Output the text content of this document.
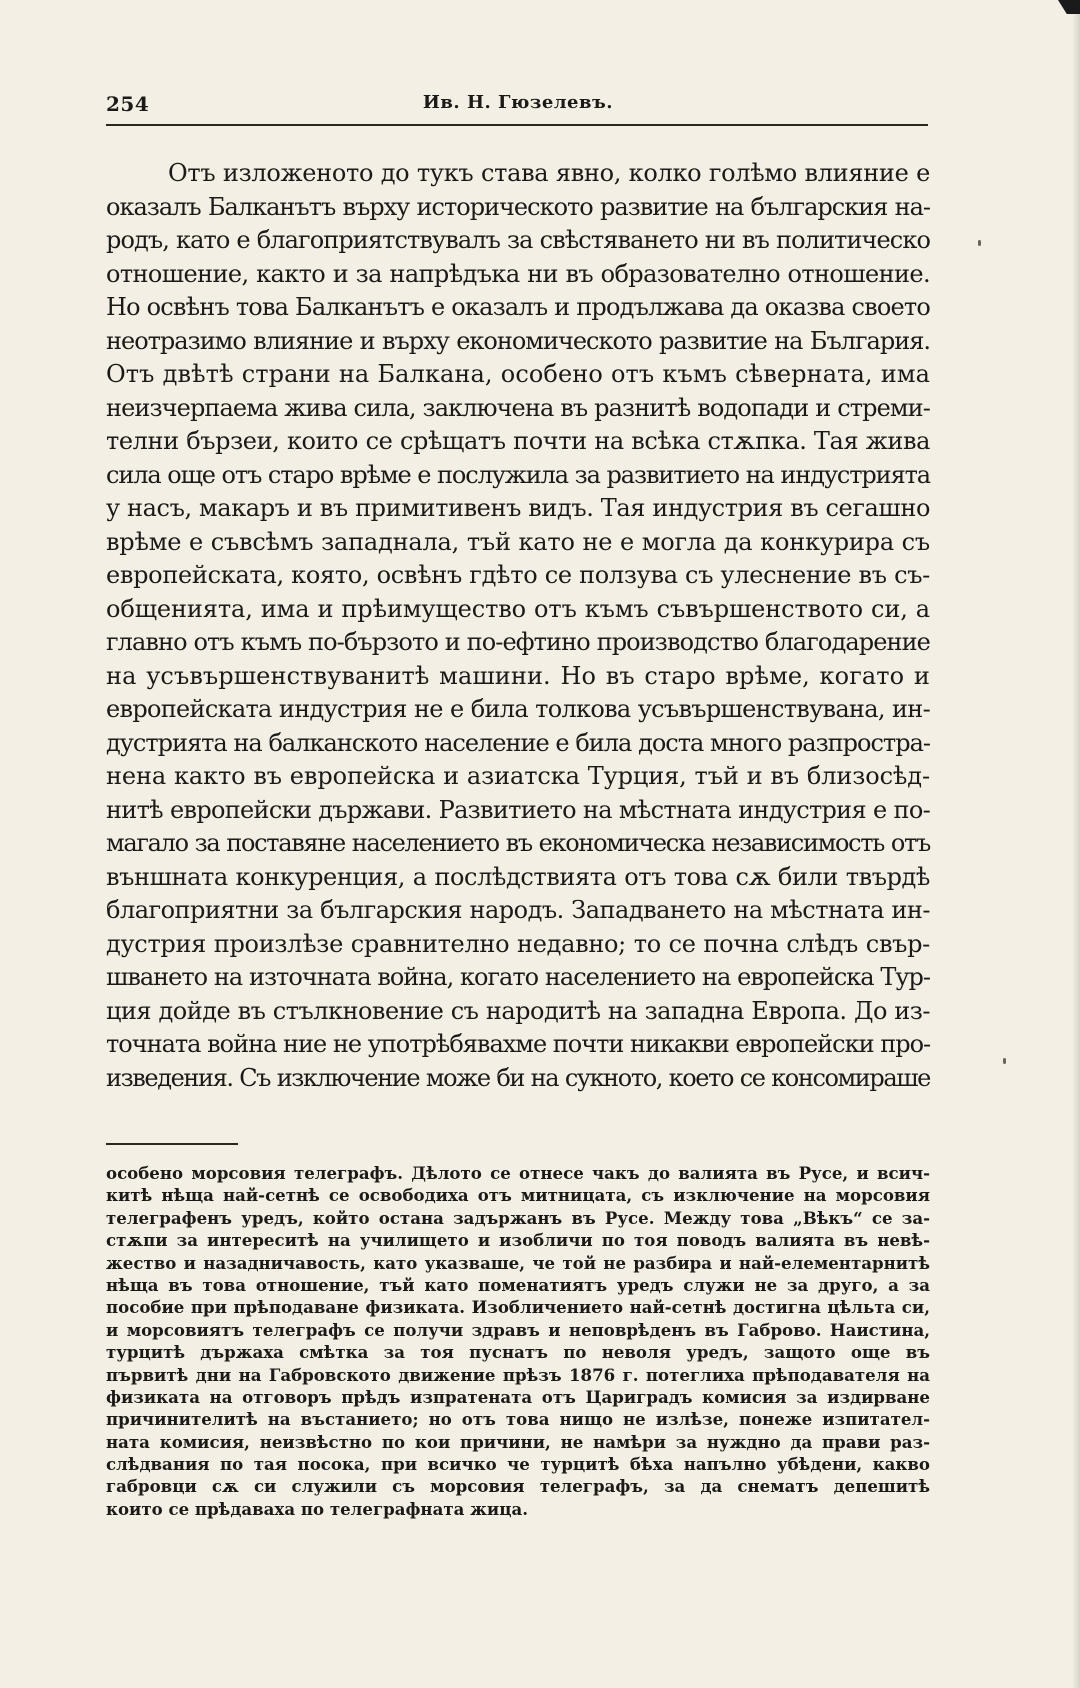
254	Ив. Н. Гюзелевъ.
Отъ изложеното до тукъ става явно, колко голѣмо влияние е
оказалъ Балканътъ върху историческото развитие на българския на-
родъ, като е благоприятствувалъ за свѣстяването ни въ политическо
отношение, както и за напрѣдъка ни въ образователно отношение.
Но освѣнъ това Балканътъ е оказалъ и продължава да оказва своето
неотразимо влияние и върху економическото развитие на България.
Отъ двѣтѣ страни на Балкана, особено отъ къмъ сѣверната, има
неизчерпаема жива сила, заключена въ разнитѣ водопади и стреми-
телни бързеи, които се срѣщатъ почти на всѣка стѫпка. Тая жива
сила още отъ старо врѣме е послужила за развитието на индустрията
у насъ, макаръ и въ примитивенъ видъ. Тая индустрия въ сегашно
врѣме е съвсѣмъ западнала, тъй като не е могла да конкурира съ
европейската, която, освѣнъ гдѣто се ползува съ улеснение въ съ-
общенията, има и прѣимущество отъ къмъ съвършенството си, а
главно отъ къмъ по-бързото и по-ефтино производство благодарение
на усъвършенствуванитѣ машини. Но въ старо врѣме, когато и
европейската индустрия не е била толкова усъвършенствувана, ин-
дустрията на балканското население е била доста много разпростра-
нена както въ европейска и азиатска Турция, тъй и въ близосѣд-
нитѣ европейски държави. Развитието на мѣстната индустрия е по-
магало за поставяне населението въ економическа независимость отъ
външната конкуренция, а послѣдствията отъ това сѫ били твърдѣ
благоприятни за българския народъ. Западването на мѣстната ин-
дустрия произлѣзе сравнително недавно; то се почна слѣдъ свър-
шването на източната война, когато населението на европейска Тур-
ция дойде въ стълкновение съ народитѣ на западна Европа. До из-
точната война ние не употрѣбявахме почти никакви европейски про-
изведения. Съ изключение може би на сукното, което се консомираше
особено морсовия телеграфъ. Дѣлото се отнесе чакъ до валията въ Русе, и всич-
китѣ нѣща най-сетнѣ се освободиха отъ митницата, съ изключение на морсовия
телеграфенъ уредъ, който остана задържанъ въ Русе. Между това „Вѣкъ“ се за-
стѫпи за интереситѣ на училището и изобличи по тоя поводъ валията въ невѣ-
жество и назадничавость, като указваше, че той не разбира и най-елементарнитѣ
нѣща въ това отношение, тъй като поменатиятъ уредъ служи не за друго, а за
пособие при прѣподаване физиката. Изобличението най-сетнѣ достигна цѣльта си,
и морсовиятъ телеграфъ се получи здравъ и неповрѣденъ въ Габрово. Наистина,
турцитѣ държаха смѣтка за тоя пуснатъ по неволя уредъ, защото още въ
първитѣ дни на Габровското движение прѣзъ 1876 г. потеглиха прѣподавателя на
физиката на отговоръ прѣдъ изпратената отъ Цариградъ комисия за издирване
причинителитѣ на въстанието; но отъ това нищо не излѣзе, понеже изпитател-
ната комисия, неизвѣстно по кои причини, не намѣри за нуждно да прави раз-
слѣдвания по тая посока, при всичко че турцитѣ бѣха напълно убѣдени, какво
габровци сѫ си служили съ морсовия телеграфъ, за да снематъ депешитѣ
които се прѣдаваха по телеграфната жица.
